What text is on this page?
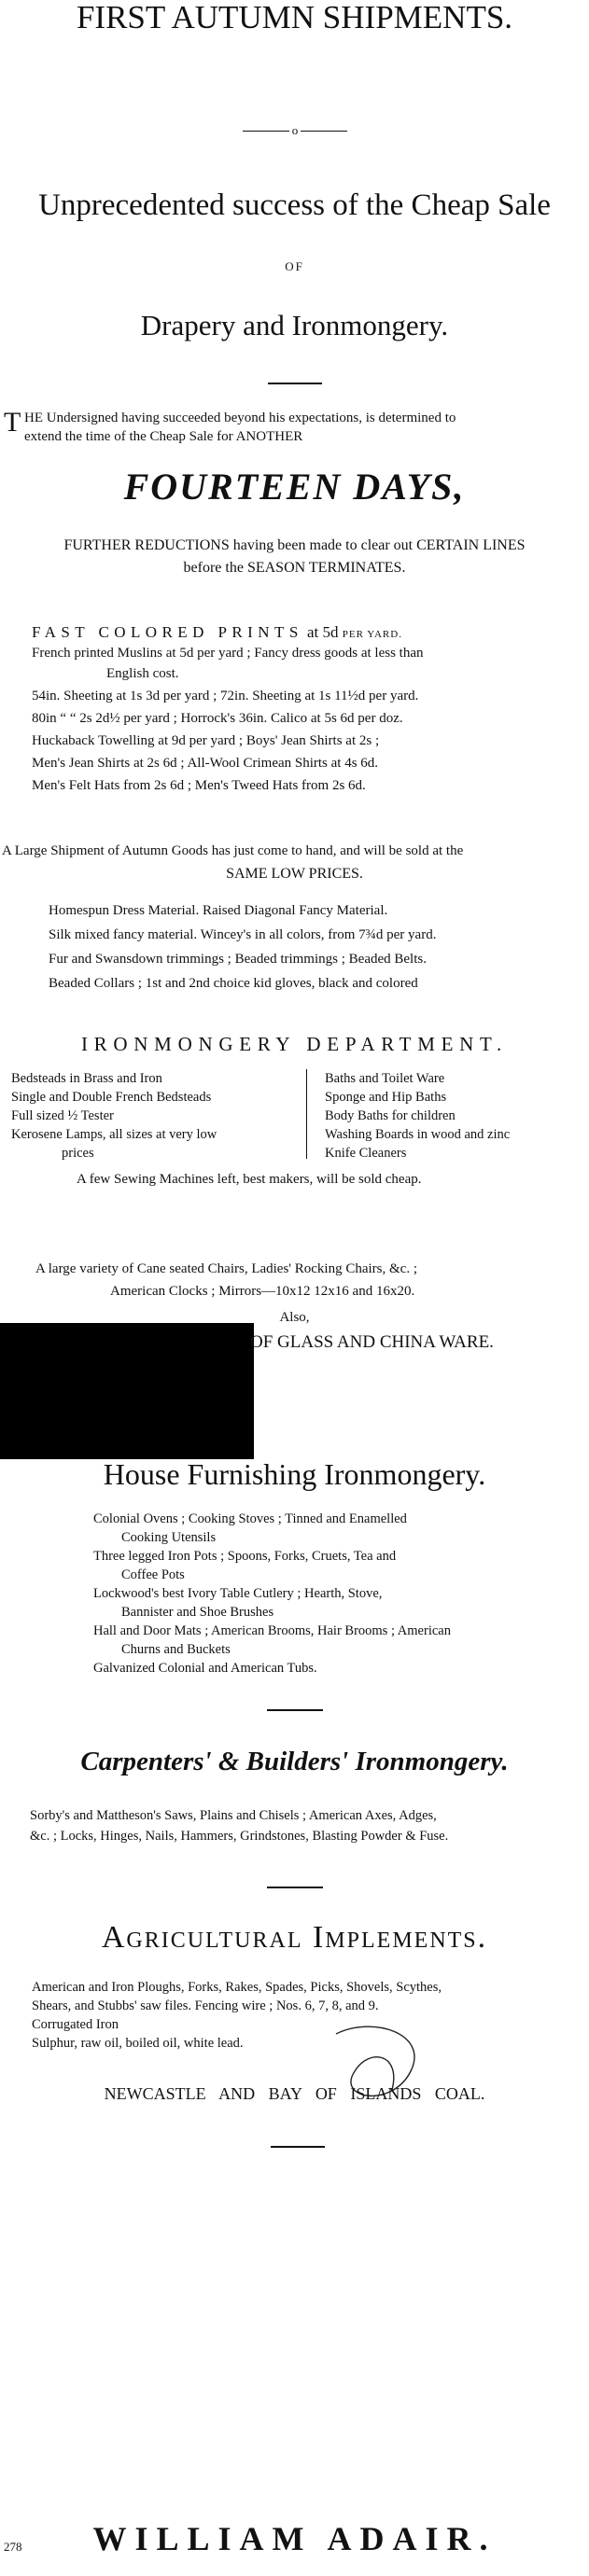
FIRST AUTUMN SHIPMENTS.
o
Unprecedented success of the Cheap Sale
OF
Drapery and Ironmongery.
T HE Undersigned having succeeded beyond his expectations, is determined to
extend the time of the Cheap Sale for ANOTHER
FOURTEEN DAYS,
FURTHER REDUCTIONS having been made to clear out CERTAIN LINES
before the SEASON TERMINATES.
FAST COLORED PRINTS at 5d PER YARD.
French printed Muslins at 5d per yard ; Fancy dress goods at less than
English cost.
54in. Sheeting at 1s 3d per yard ; 72in. Sheeting at 1s 11½d per yard.
80in “ “ 2s 2d½ per yard ; Horrock's 36in. Calico at 5s 6d per doz.
Huckaback Towelling at 9d per yard ; Boys' Jean Shirts at 2s ;
Men's Jean Shirts at 2s 6d ; All-Wool Crimean Shirts at 4s 6d.
Men's Felt Hats from 2s 6d ; Men's Tweed Hats from 2s 6d.
A Large Shipment of Autumn Goods has just come to hand, and will be sold at the
SAME LOW PRICES.
Homespun Dress Material. Raised Diagonal Fancy Material.
Silk mixed fancy material. Wincey's in all colors, from 7¾d per yard.
Fur and Swansdown trimmings ; Beaded trimmings ; Beaded Belts.
Beaded Collars ; 1st and 2nd choice kid gloves, black and colored
IRONMONGERY DEPARTMENT.
Bedsteads in Brass and Iron
Single and Double French Bedsteads
Full sized ½ Tester
Kerosene Lamps, all sizes at very low
prices
Baths and Toilet Ware
Sponge and Hip Baths
Body Baths for children
Washing Boards in wood and zinc
Knife Cleaners
A few Sewing Machines left, best makers, will be sold cheap.
A large variety of Cane seated Chairs, Ladies' Rocking Chairs, &c. ;
American Clocks ; Mirrors—10x12 12x16 and 16x20.
Also,
OF GLASS AND CHINA WARE.
House Furnishing Ironmongery.
Colonial Ovens ; Cooking Stoves ; Tinned and Enamelled
Cooking Utensils
Three legged Iron Pots ; Spoons, Forks, Cruets, Tea and
Coffee Pots
Lockwood's best Ivory Table Cutlery ; Hearth, Stove,
Bannister and Shoe Brushes
Hall and Door Mats ; American Brooms, Hair Brooms ; American
Churns and Buckets
Galvanized Colonial and American Tubs.
Carpenters' & Builders' Ironmongery.
Sorby's and Mattheson's Saws, Plains and Chisels ; American Axes, Adges,
&c. ; Locks, Hinges, Nails, Hammers, Grindstones, Blasting Powder & Fuse.
Agricultural Implements.
American and Iron Ploughs, Forks, Rakes, Spades, Picks, Shovels, Scythes,
Shears, and Stubbs' saw files. Fencing wire ; Nos. 6, 7, 8, and 9.
Corrugated Iron
Sulphur, raw oil, boiled oil, white lead.
NEWCASTLE AND BAY OF ISLANDS COAL.
278	WILLIAM ADAIR.
